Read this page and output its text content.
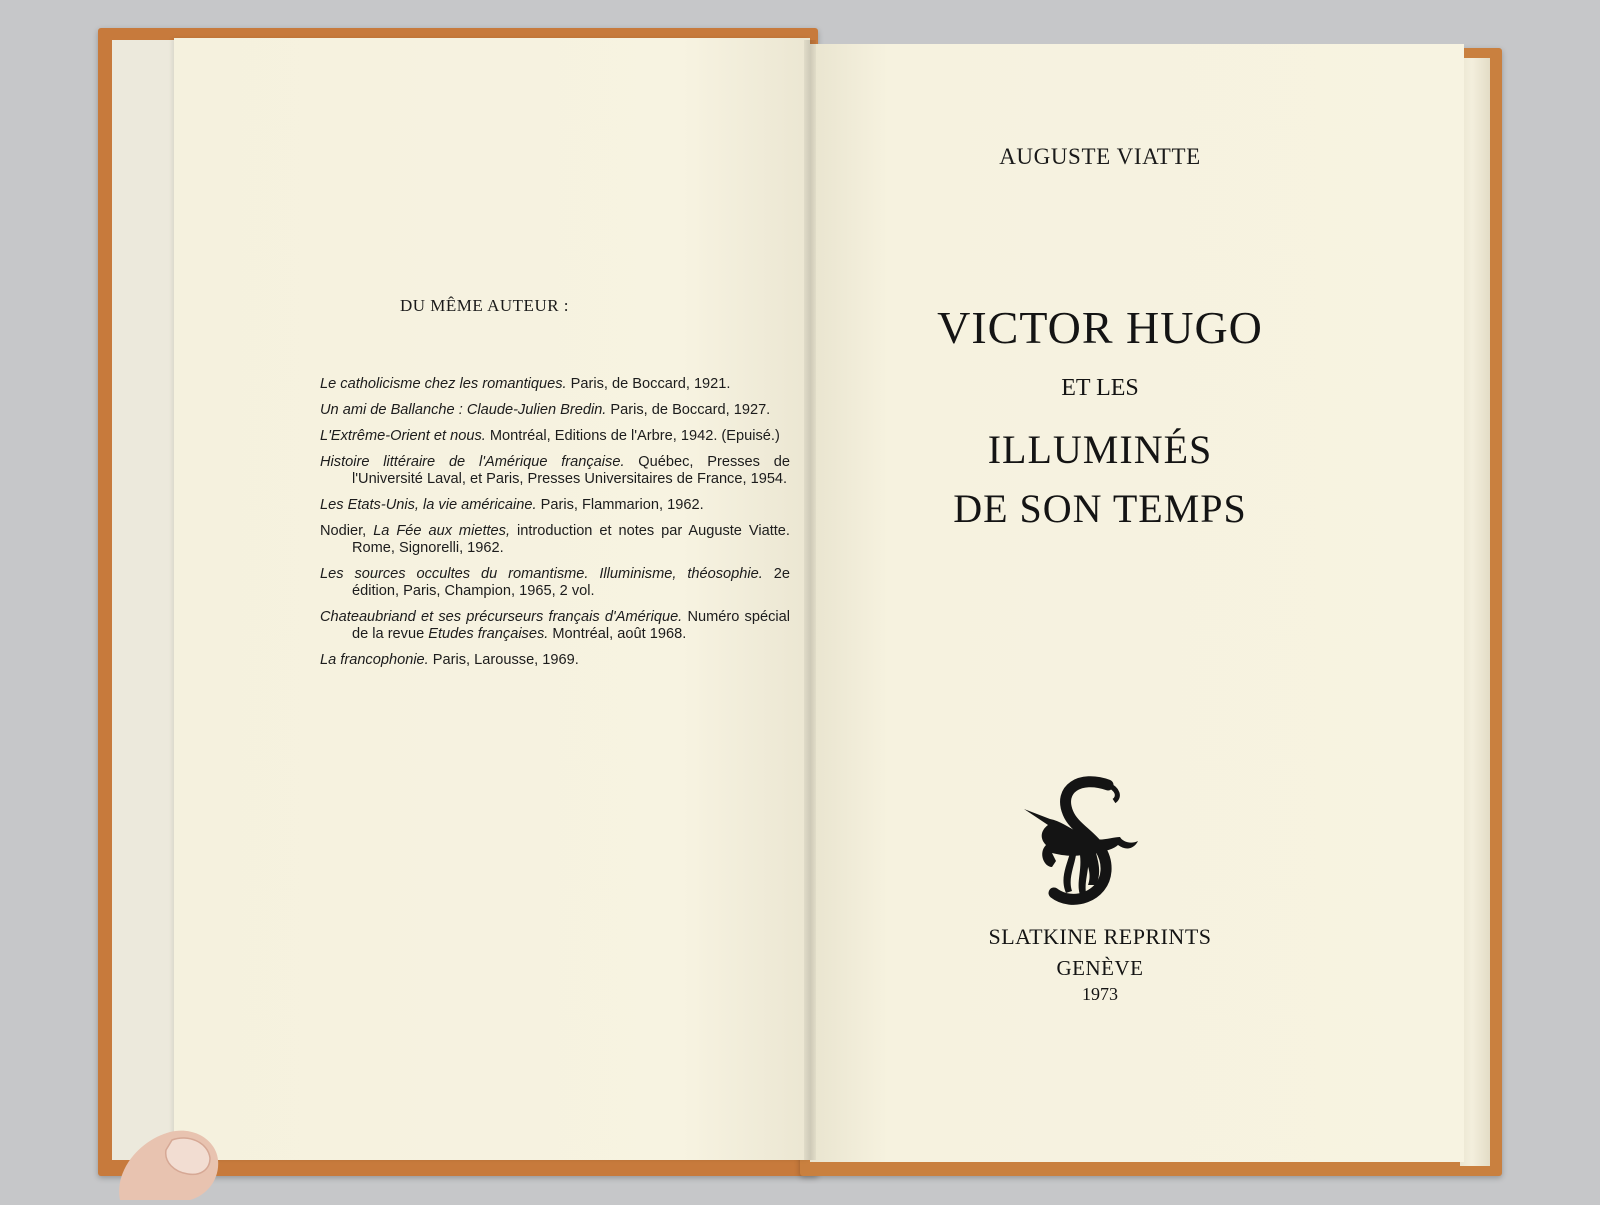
DU MÊME AUTEUR :
Le catholicisme chez les romantiques. Paris, de Boccard, 1921.
Un ami de Ballanche : Claude-Julien Bredin. Paris, de Boccard, 1927.
L'Extrême-Orient et nous. Montréal, Editions de l'Arbre, 1942. (Epuisé.)
Histoire littéraire de l'Amérique française. Québec, Presses de l'Université Laval, et Paris, Presses Universitaires de France, 1954.
Les Etats-Unis, la vie américaine. Paris, Flammarion, 1962.
Nodier, La Fée aux miettes, introduction et notes par Auguste Viatte. Rome, Signorelli, 1962.
Les sources occultes du romantisme. Illuminisme, théosophie. 2e édition, Paris, Champion, 1965, 2 vol.
Chateaubriand et ses précurseurs français d'Amérique. Numéro spécial de la revue Etudes françaises. Montréal, août 1968.
La francophonie. Paris, Larousse, 1969.
AUGUSTE VIATTE
VICTOR HUGO
ET LES
ILLUMINÉS
DE SON TEMPS
SLATKINE REPRINTS
GENÈVE
1973
